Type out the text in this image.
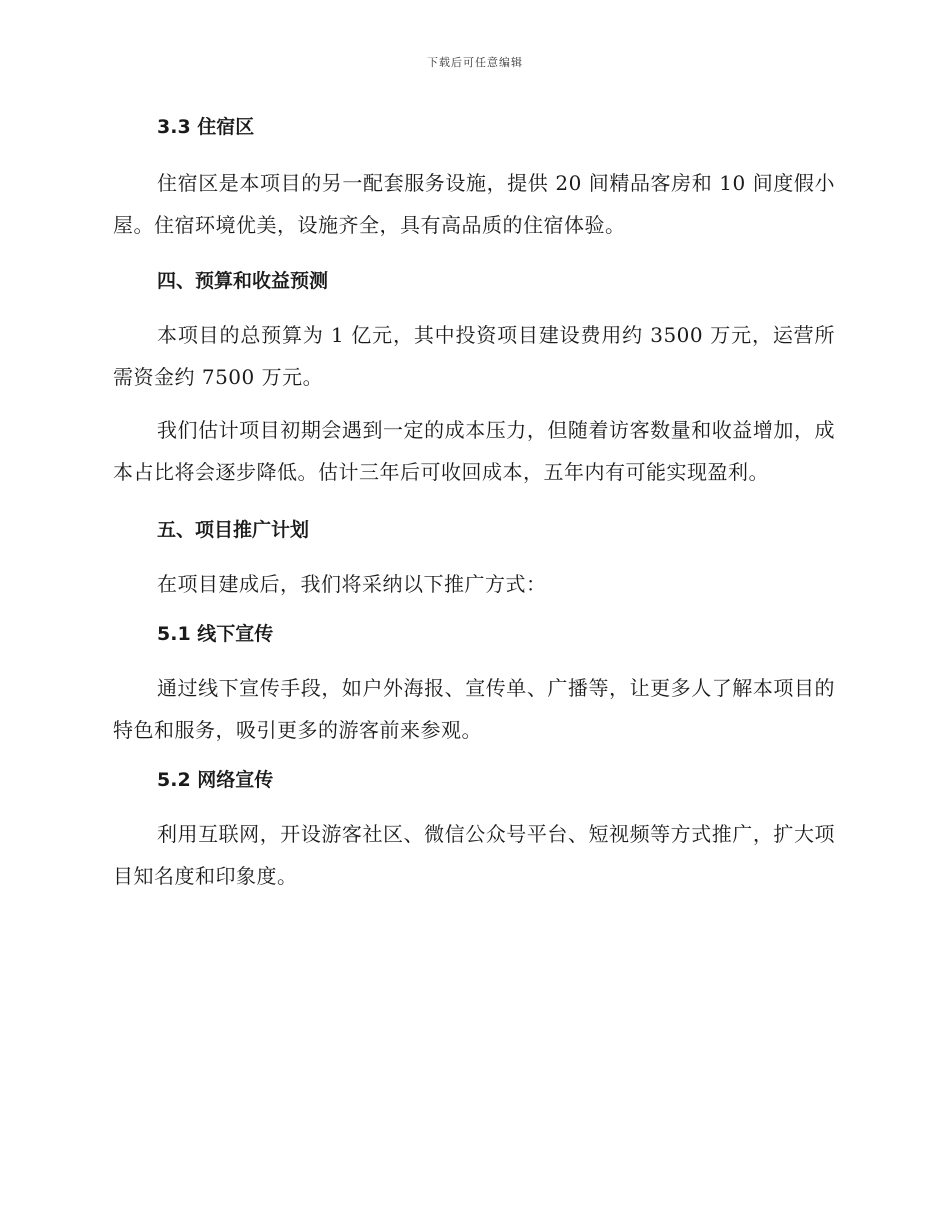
下载后可任意编辑
3.3 住宿区

住宿区是本项目的另一配套服务设施，提供 20 间精品客房和 10 间度假小屋。住宿环境优美，设施齐全，具有高品质的住宿体验。

四、预算和收益预测

本项目的总预算为 1 亿元，其中投资项目建设费用约 3500 万元，运营所需资金约 7500 万元。

我们估计项目初期会遇到一定的成本压力，但随着访客数量和收益增加，成本占比将会逐步降低。估计三年后可收回成本，五年内有可能实现盈利。

五、项目推广计划

在项目建成后，我们将采纳以下推广方式：

5.1 线下宣传

通过线下宣传手段，如户外海报、宣传单、广播等，让更多人了解本项目的特色和服务，吸引更多的游客前来参观。

5.2 网络宣传

利用互联网，开设游客社区、微信公众号平台、短视频等方式推广，扩大项目知名度和印象度。
